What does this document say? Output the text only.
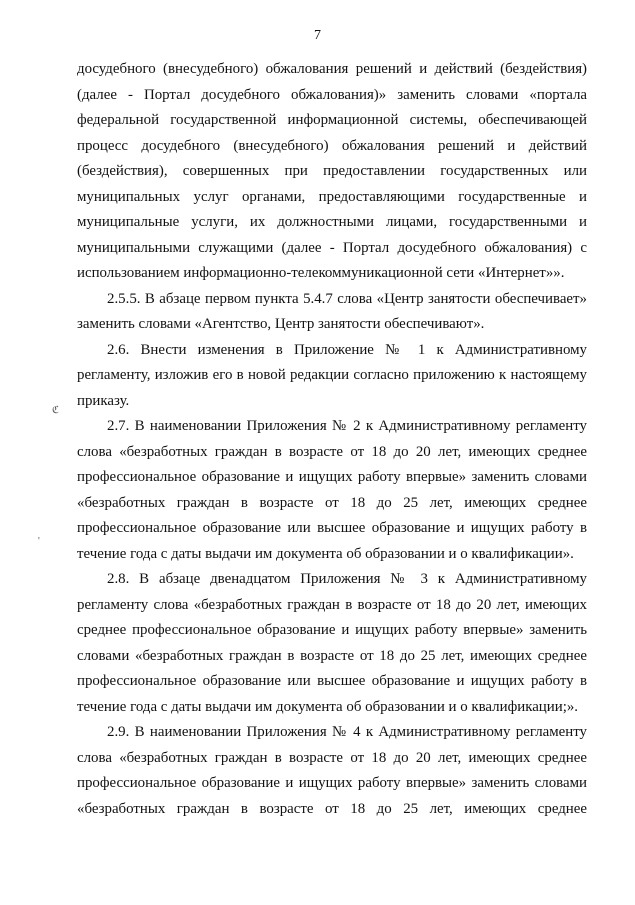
7
ℭ
'
досудебного (внесудебного) обжалования решений и действий (бездействия)
(далее - Портал досудебного обжалования)» заменить словами «портала
федеральной государственной информационной системы, обеспечивающей
процесс досудебного (внесудебного) обжалования решений и действий
(бездействия), совершенных при предоставлении государственных или
муниципальных услуг органами, предоставляющими государственные и
муниципальные услуги, их должностными лицами, государственными и
муниципальными служащими (далее - Портал досудебного обжалования) с
использованием информационно-телекоммуникационной сети «Интернет»».
2.5.5. В абзаце первом пункта 5.4.7 слова «Центр занятости обеспечивает»
заменить словами «Агентство, Центр занятости обеспечивают».
2.6. Внести изменения в Приложение № 1 к Административному
регламенту, изложив его в новой редакции согласно приложению к настоящему
приказу.
2.7. В наименовании Приложения № 2 к Административному регламенту
слова «безработных граждан в возрасте от 18 до 20 лет, имеющих среднее
профессиональное образование и ищущих работу впервые» заменить словами
«безработных граждан в возрасте от 18 до 25 лет, имеющих среднее
профессиональное образование или высшее образование и ищущих работу в
течение года с даты выдачи им документа об образовании и о квалификации».
2.8. В абзаце двенадцатом Приложения № 3 к Административному
регламенту слова «безработных граждан в возрасте от 18 до 20 лет, имеющих
среднее профессиональное образование и ищущих работу впервые» заменить
словами «безработных граждан в возрасте от 18 до 25 лет, имеющих среднее
профессиональное образование или высшее образование и ищущих работу в
течение года с даты выдачи им документа об образовании и о квалификации;».
2.9. В наименовании Приложения № 4 к Административному регламенту
слова «безработных граждан в возрасте от 18 до 20 лет, имеющих среднее
профессиональное образование и ищущих работу впервые» заменить словами
«безработных граждан в возрасте от 18 до 25 лет, имеющих среднее
